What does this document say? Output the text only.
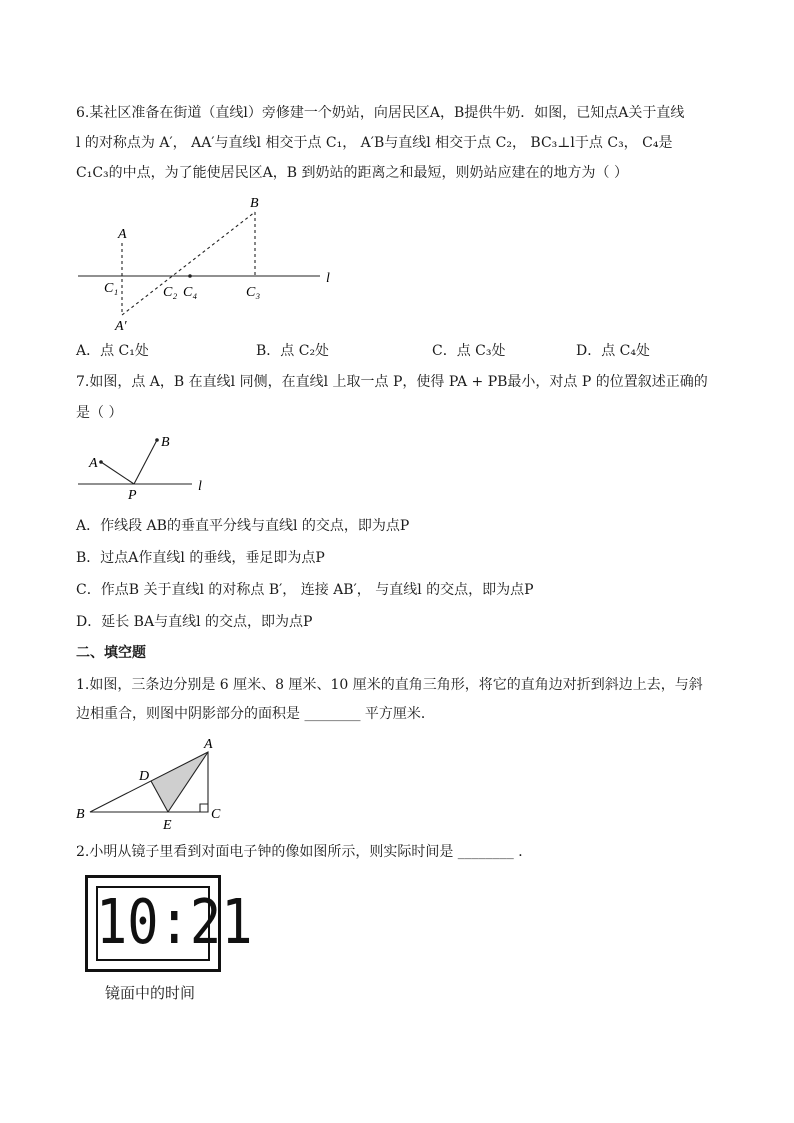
6.某社区准备在街道（直线l）旁修建一个奶站，向居民区A，B提供牛奶．如图，已知点A关于直线
l 的对称点为 A′， AA′与直线l 相交于点 C₁， A′B与直线l 相交于点 C₂， BC₃⊥l于点 C₃， C₄是
C₁C₃的中点，为了能使居民区A，B 到奶站的距离之和最短，则奶站应建在的地方为（ ）
A
B
C₁	C₂ C₄	C₃
A′
l
A．点 C₁处	B．点 C₂处	C．点 C₃处	D．点 C₄处
7.如图，点 A，B 在直线l 同侧，在直线l 上取一点 P，使得 PA + PB最小，对点 P 的位置叙述正确的
是（ ）
A
B
P
l
A．作线段 AB的垂直平分线与直线l 的交点，即为点P
B．过点A作直线l 的垂线，垂足即为点P
C．作点B 关于直线l 的对称点 B′， 连接 AB′， 与直线l 的交点，即为点P
D．延长 BA与直线l 的交点，即为点P
二、填空题
1.如图，三条边分别是 6 厘米、8 厘米、10 厘米的直角三角形，将它的直角边对折到斜边上去，与斜
边相重合，则图中阴影部分的面积是 ________ 平方厘米．
A
B	C
D
E
2.小明从镜子里看到对面电子钟的像如图所示，则实际时间是 ________ ．
10:21
镜面中的时间
